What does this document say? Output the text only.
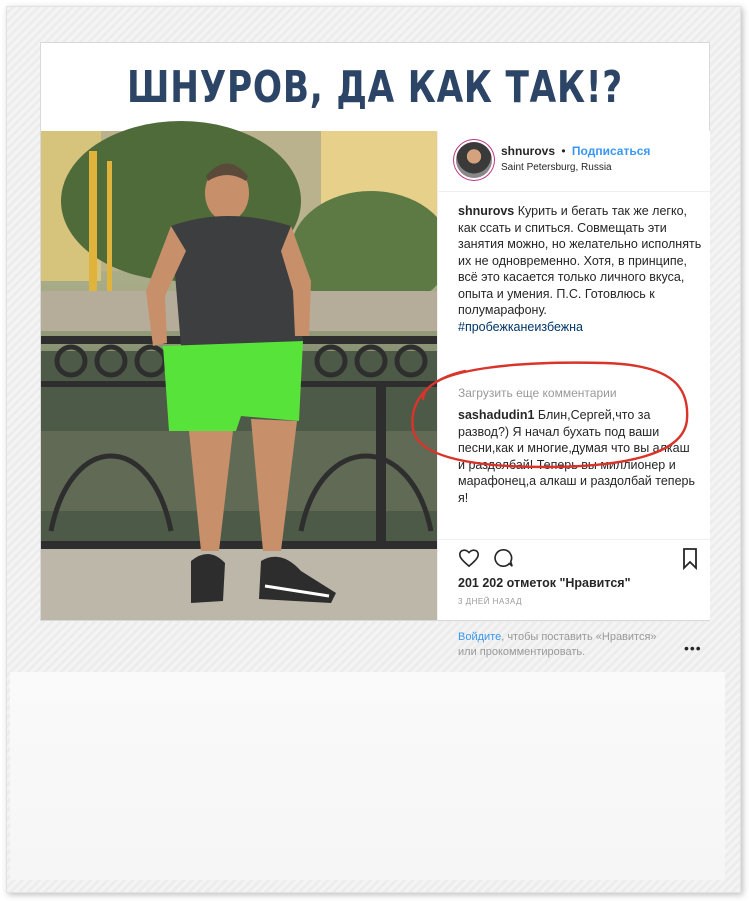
ШНУРОВ, ДА КАК ТАК!?
shnurovs • Подписаться
Saint Petersburg, Russia
shnurovs Курить и бегать так же легко, как ссать и спиться. Совмещать эти занятия можно, но желательно исполнять их не одновременно. Хотя, в принципе, всё это касается только личного вкуса, опыта и умения. П.С. Готовлюсь к полумарафону.
#пробежканеизбежна
Загрузить еще комментарии
sashadudin1 Блин,Сергей,что за развод?) Я начал бухать под ваши песни,как и многие,думая что вы алкаш и раздолбай! Теперь вы миллионер и марафонец,а алкаш и раздолбай теперь я!
201 202 отметок "Нравится"
3 ДНЕЙ НАЗАД
Войдите, чтобы поставить «Нравится» или прокомментировать.	•••
